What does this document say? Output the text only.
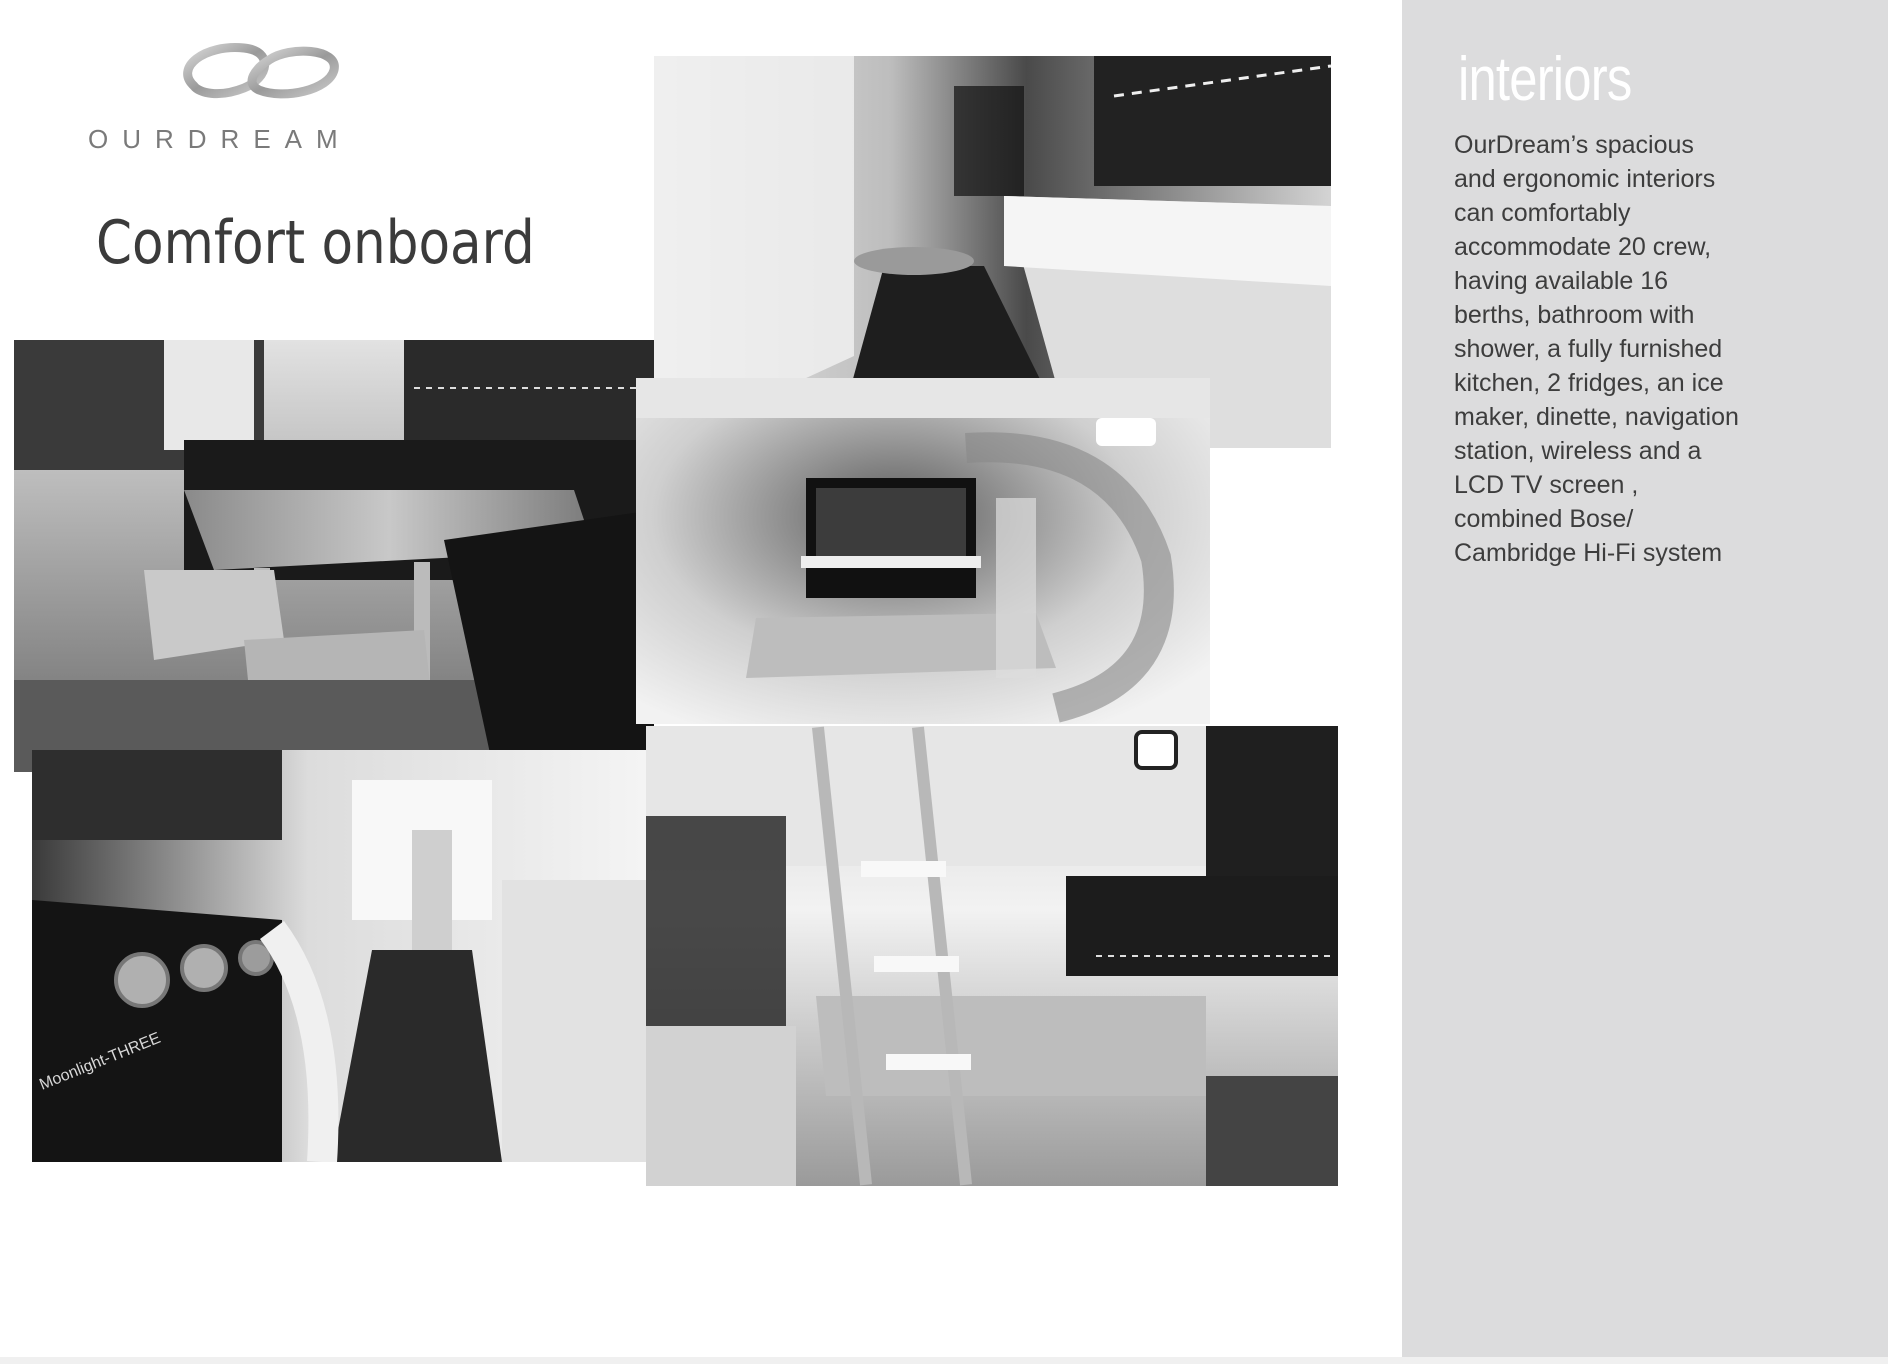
OURDREAM
Comfort onboard
Moonlight-THREE
interiors
OurDream’s spacious
and ergonomic interiors
can comfortably
accommodate 20 crew,
having available 16
berths, bathroom with
shower, a fully furnished
kitchen, 2 fridges, an ice
maker, dinette, navigation
station, wireless and a
LCD TV screen ,
combined Bose/
Cambridge Hi-Fi system
